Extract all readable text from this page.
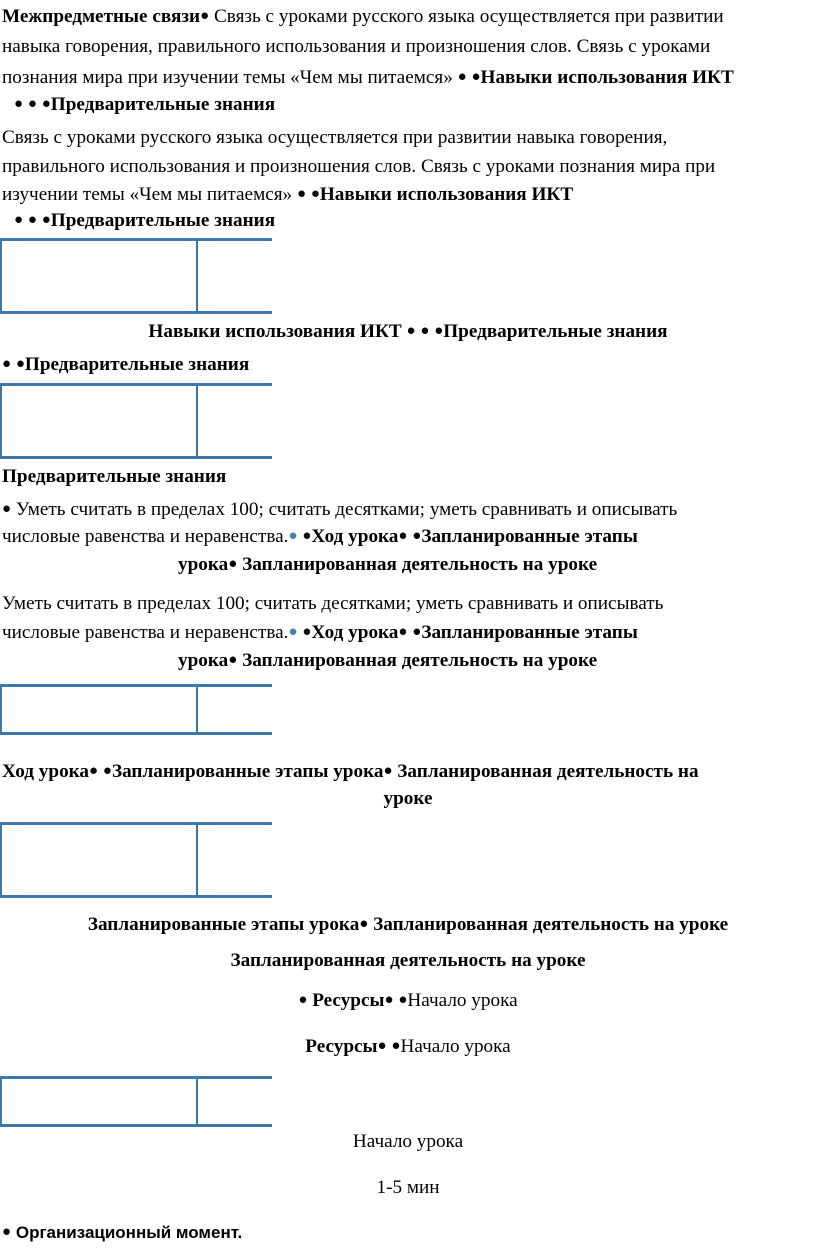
Межпредметные связи● Связь с уроками русского языка осуществляется при развитии
навыка говорения, правильного использования и произношения слов. Связь с уроками
познания мира при изучении темы «Чем мы питаемся» ● ●Навыки использования ИКТ
● ● ●Предварительные знания
Связь с уроками русского языка осуществляется при развитии навыка говорения,
правильного использования и произношения слов. Связь с уроками познания мира при
изучении темы «Чем мы питаемся» ● ●Навыки использования ИКТ
● ● ●Предварительные знания
Навыки использования ИКТ ● ● ●Предварительные знания
● ●Предварительные знания
Предварительные знания
● Уметь считать в пределах 100; считать десятками; уметь сравнивать и описывать
числовые равенства и неравенства.● ●Ход урока● ●Запланированные этапы
урока● Запланированная деятельность на уроке
Уметь считать в пределах 100; считать десятками; уметь сравнивать и описывать
числовые равенства и неравенства.● ●Ход урока● ●Запланированные этапы
урока● Запланированная деятельность на уроке
Ход урока● ●Запланированные этапы урока● Запланированная деятельность на
уроке
Запланированные этапы урока● Запланированная деятельность на уроке
Запланированная деятельность на уроке
● Ресурсы● ●Начало урока
Ресурсы● ●Начало урока
Начало урока
1-5 мин
● Организационный момент.
